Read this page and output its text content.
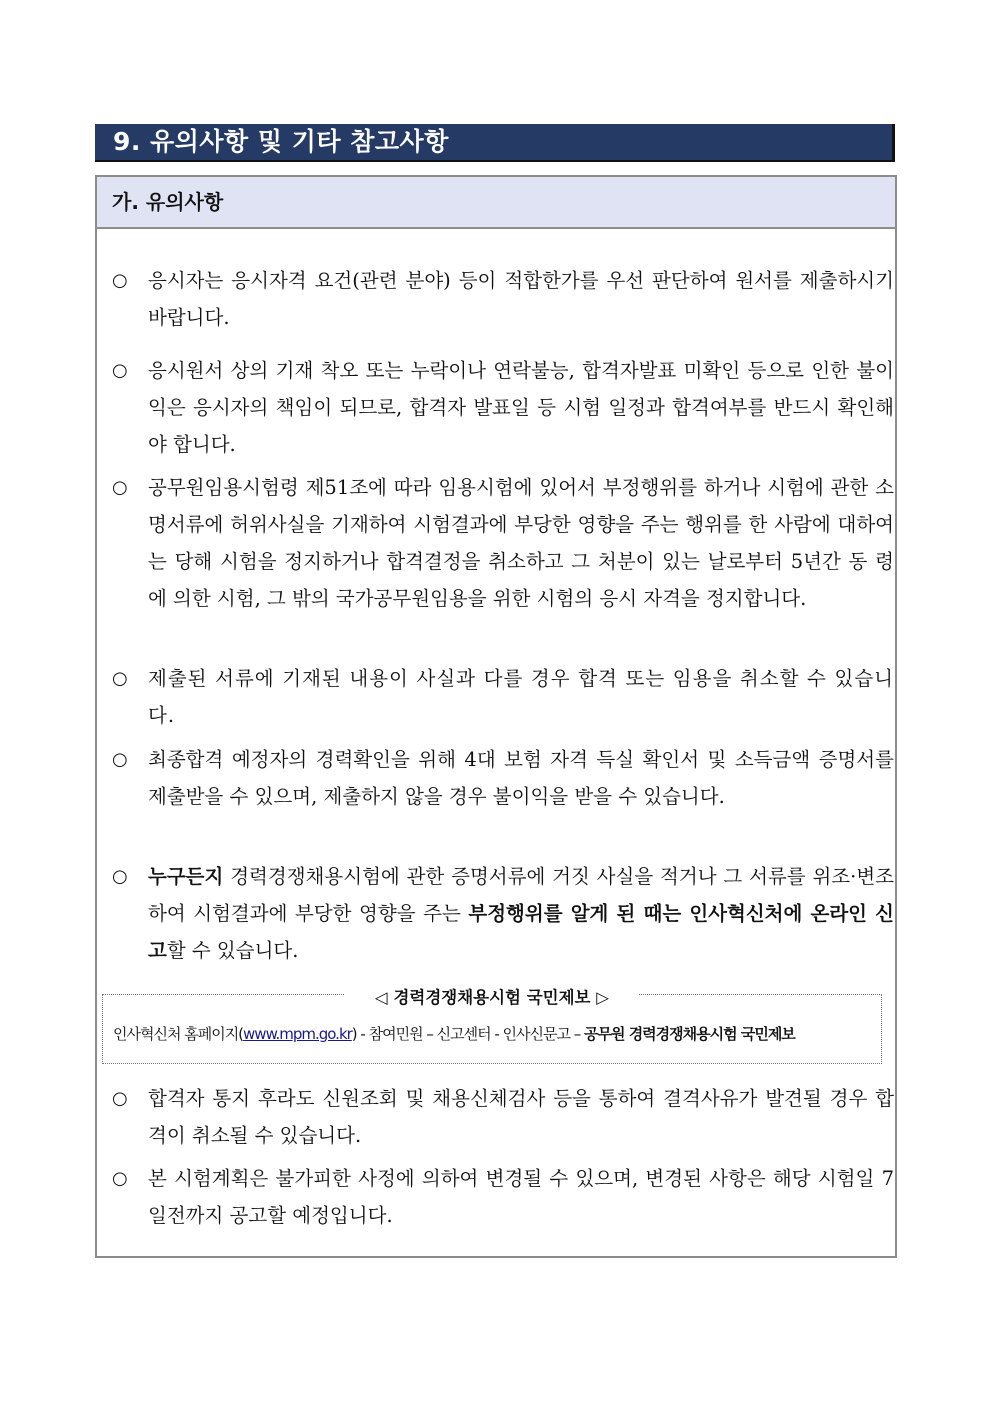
9. 유의사항 및 기타 참고사항
가. 유의사항
○ 응시자는 응시자격 요건(관련 분야) 등이 적합한가를 우선 판단하여 원서를 제출하시기 바랍니다.
○ 응시원서 상의 기재 착오 또는 누락이나 연락불능, 합격자발표 미확인 등으로 인한 불이익은 응시자의 책임이 되므로, 합격자 발표일 등 시험 일정과 합격여부를 반드시 확인해야 합니다.
○ 공무원임용시험령 제51조에 따라 임용시험에 있어서 부정행위를 하거나 시험에 관한 소명서류에 허위사실을 기재하여 시험결과에 부당한 영향을 주는 행위를 한 사람에 대하여는 당해 시험을 정지하거나 합격결정을 취소하고 그 처분이 있는 날로부터 5년간 동 령에 의한 시험, 그 밖의 국가공무원임용을 위한 시험의 응시 자격을 정지합니다.
○ 제출된 서류에 기재된 내용이 사실과 다를 경우 합격 또는 임용을 취소할 수 있습니다.
○ 최종합격 예정자의 경력확인을 위해 4대 보험 자격 득실 확인서 및 소득금액 증명서를 제출받을 수 있으며, 제출하지 않을 경우 불이익을 받을 수 있습니다.
○ 누구든지 경력경쟁채용시험에 관한 증명서류에 거짓 사실을 적거나 그 서류를 위조·변조하여 시험결과에 부당한 영향을 주는 부정행위를 알게 된 때는 인사혁신처에 온라인 신고할 수 있습니다.
◁ 경력경쟁채용시험 국민제보 ▷
인사혁신처 홈페이지(www.mpm.go.kr) - 참여민원 – 신고센터 - 인사신문고 – 공무원 경력경쟁채용시험 국민제보
○ 합격자 통지 후라도 신원조회 및 채용신체검사 등을 통하여 결격사유가 발견될 경우 합격이 취소될 수 있습니다.
○ 본 시험계획은 불가피한 사정에 의하여 변경될 수 있으며, 변경된 사항은 해당 시험일 7일전까지 공고할 예정입니다.
